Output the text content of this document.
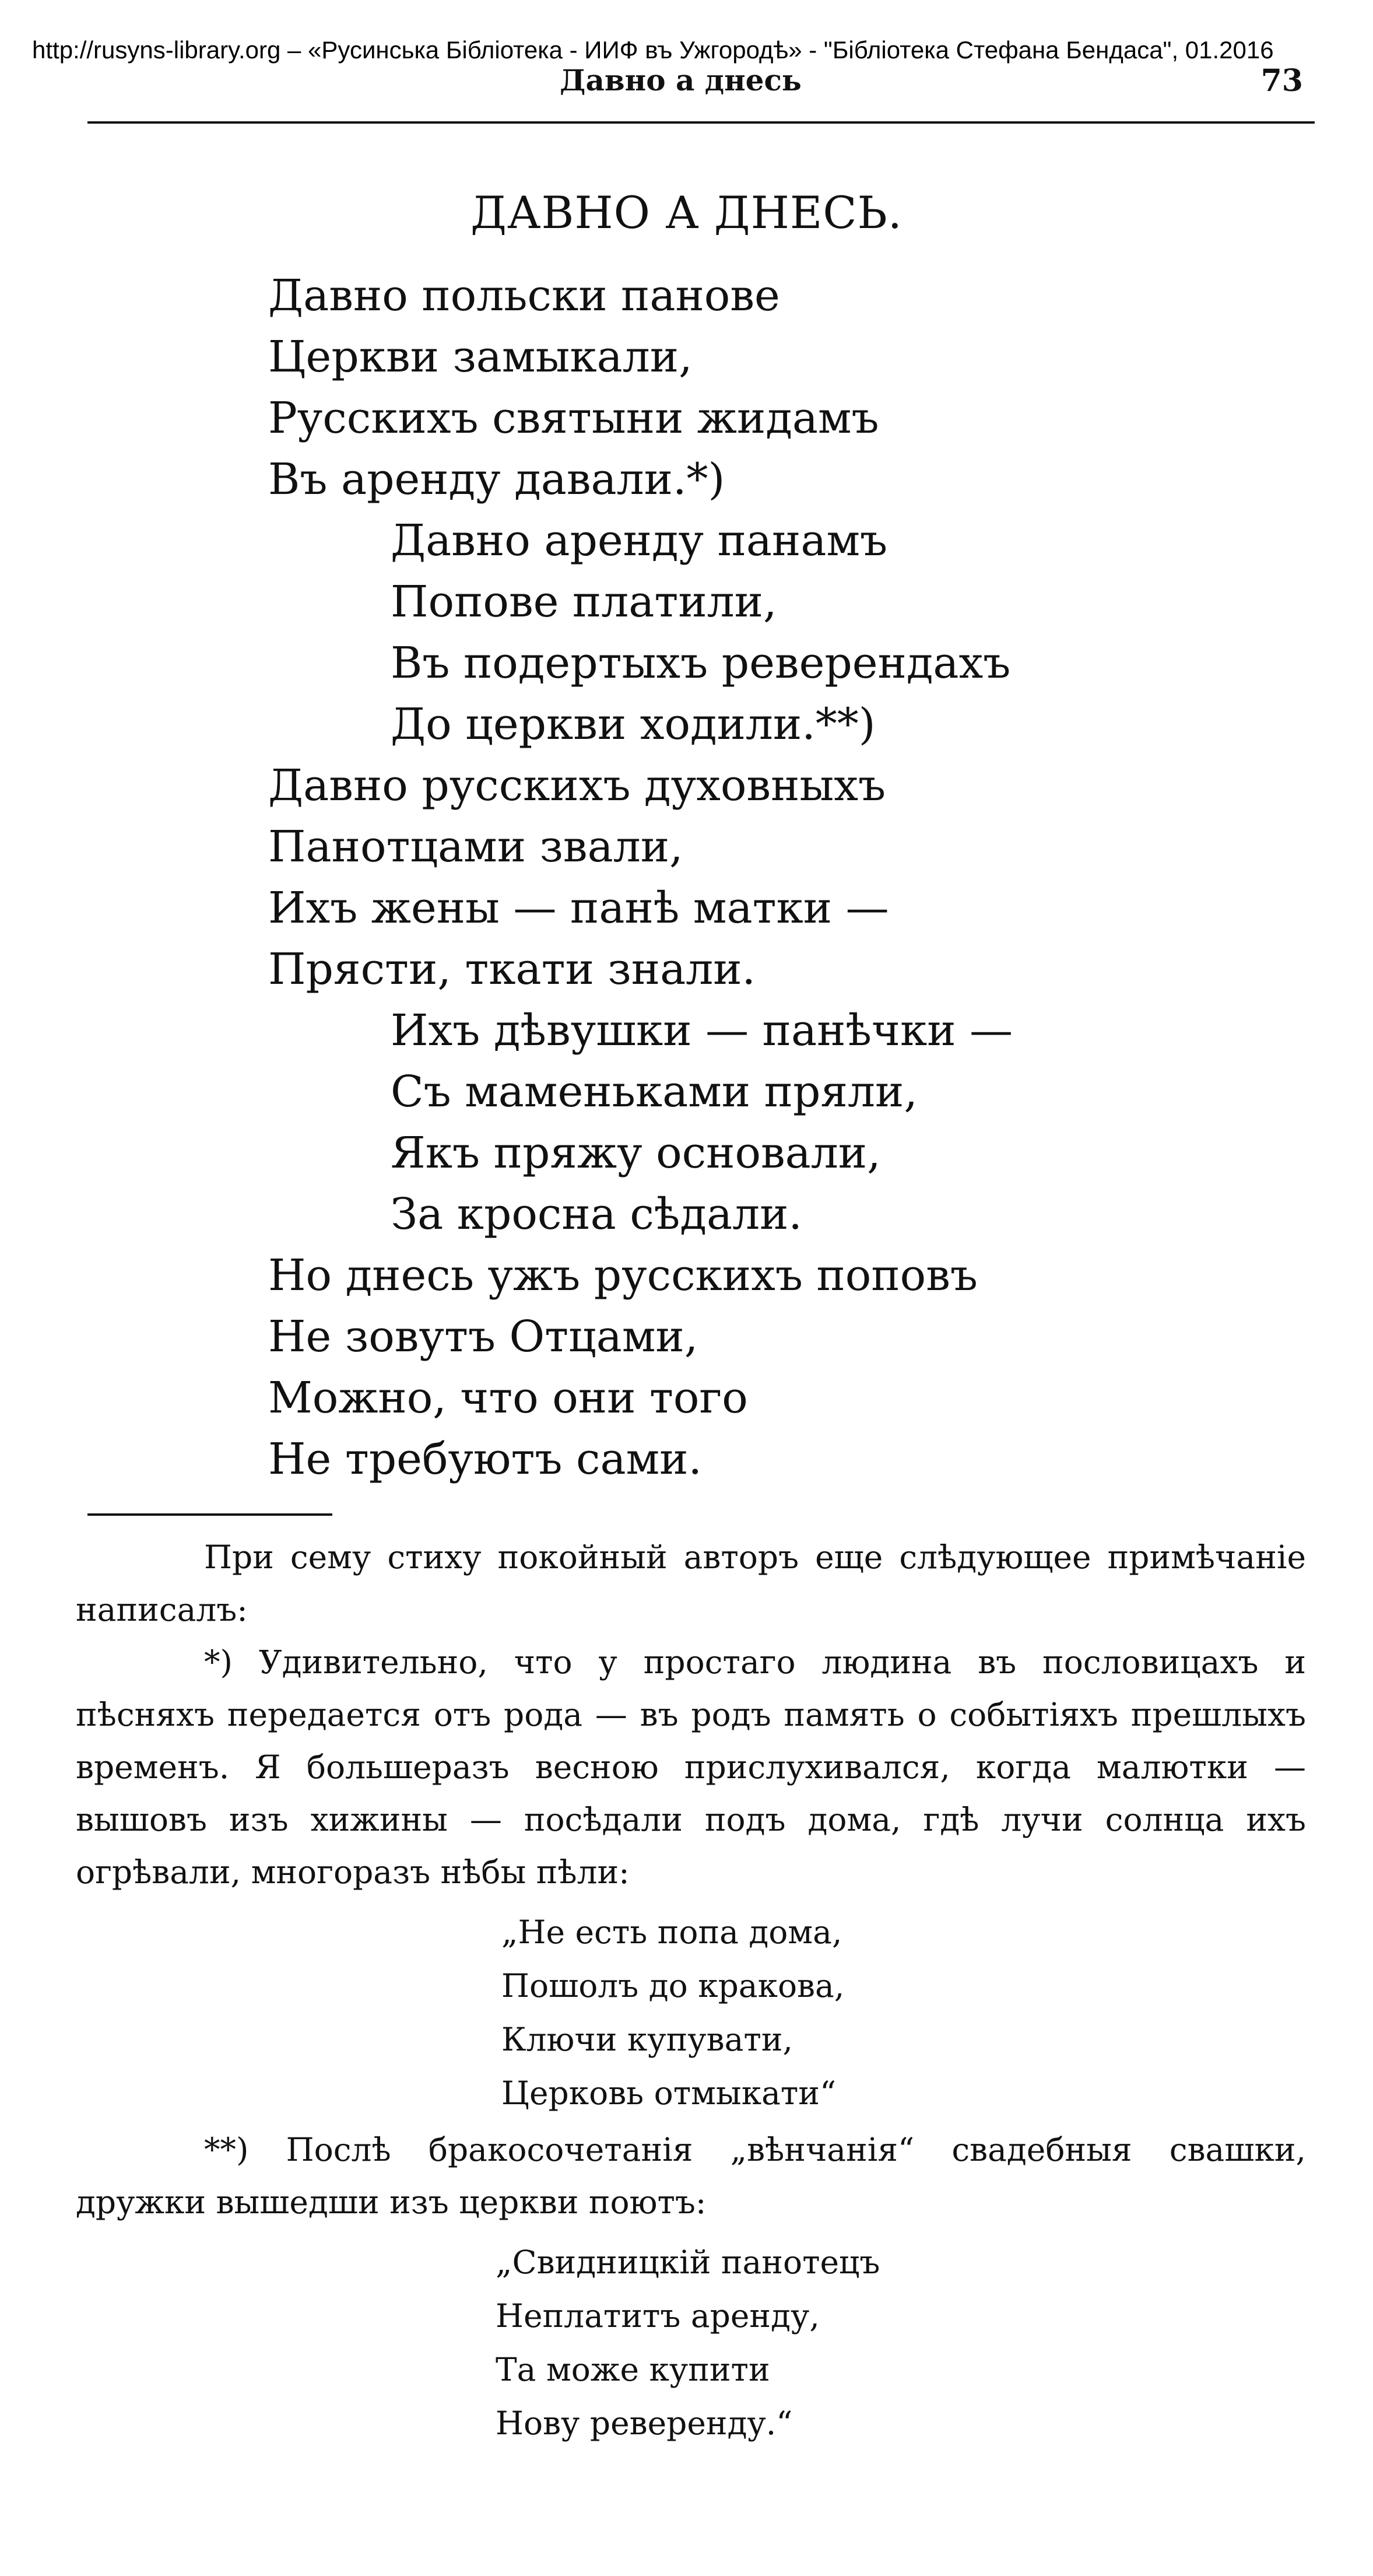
http://rusyns-library.org – «Русинська Бібліотека - ИИФ въ Ужгородѣ» - "Бібліотека Стефана Бендаса", 01.2016
Давно а днесь	73
ДАВНО А ДНЕСЬ.
Давно польски панове
Церкви замыкали,
Русскихъ святыни жидамъ
Въ аренду давали.*)
Давно аренду панамъ
Попове платили,
Въ подертыхъ реверендахъ
До церкви ходили.**)
Давно русскихъ духовныхъ
Панотцами звали,
Ихъ жены — панѣ матки —
Прясти, ткати знали.
Ихъ дѣвушки — панѣчки —
Съ маменьками пряли,
Якъ пряжу основали,
За кросна сѣдали.
Но днесь ужъ русскихъ поповъ
Не зовутъ Отцами,
Можно, что они того
Не требуютъ сами.

При сему стиху покойный авторъ еще слѣдующее примѣчаніе написалъ:

*) Удивительно, что у простаго людина въ пословицахъ и пѣсняхъ передается отъ рода — въ родъ память о событіяхъ прешлыхъ временъ. Я большеразъ весною прислухивался, когда малютки — вышовъ изъ хижины — посѣдали подъ дома, гдѣ лучи солнца ихъ огрѣвали, многоразъ нѣбы пѣли:

„Не есть попа дома,
Пошолъ до кракова,
Ключи купувати,
Церковь отмыкати“

**) Послѣ бракосочетанія „вѣнчанія“ свадебныя свашки, дружки вышедши изъ церкви поютъ:

„Свидницкій панотецъ
Неплатитъ аренду,
Та може купити
Нову реверенду.“
